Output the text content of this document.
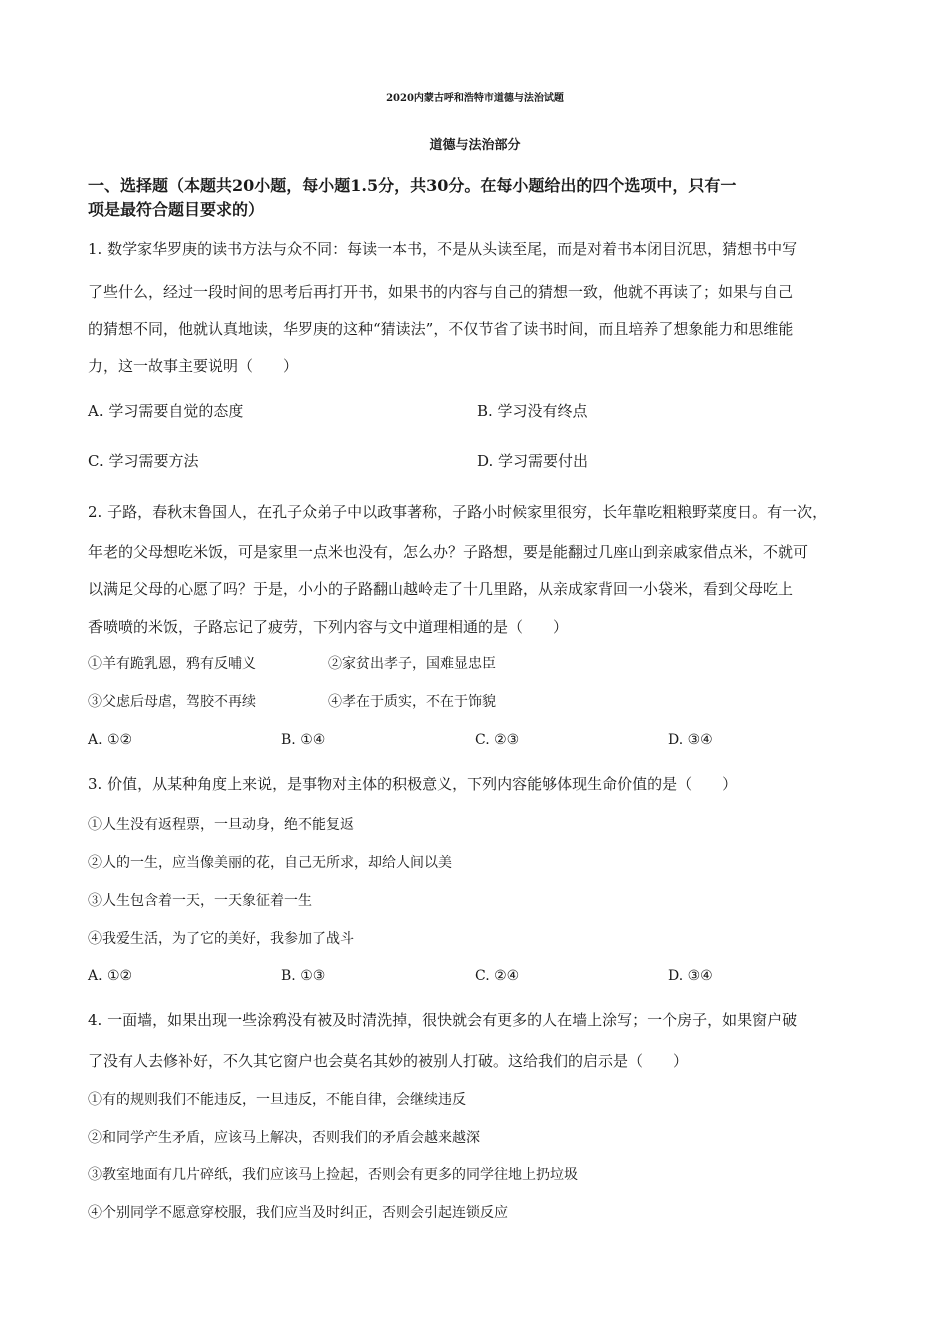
2020内蒙古呼和浩特市道德与法治试题
道德与法治部分
一、选择题（本题共20小题，每小题1.5分，共30分。在每小题给出的四个选项中，只有一
项是最符合题目要求的）
1. 数学家华罗庚的读书方法与众不同：每读一本书，不是从头读至尾，而是对着书本闭目沉思，猜想书中写
了些什么，经过一段时间的思考后再打开书，如果书的内容与自己的猜想一致，他就不再读了；如果与自己
的猜想不同，他就认真地读，华罗庚的这种“猜读法”，不仅节省了读书时间，而且培养了想象能力和思维能
力，这一故事主要说明（　　）
A. 学习需要自觉的态度	B. 学习没有终点
C. 学习需要方法	D. 学习需要付出
2. 子路，春秋末鲁国人，在孔子众弟子中以政事著称，子路小时候家里很穷，长年靠吃粗粮野菜度日。有一次，
年老的父母想吃米饭，可是家里一点米也没有，怎么办？子路想，要是能翻过几座山到亲戚家借点米，不就可
以满足父母的心愿了吗？于是，小小的子路翻山越岭走了十几里路，从亲成家背回一小袋米，看到父母吃上
香喷喷的米饭，子路忘记了疲劳，下列内容与文中道理相通的是（　　）
①羊有跪乳恩，鸦有反哺义	②家贫出孝子，国难显忠臣
③父虑后母虐，驾胶不再续	④孝在于质实，不在于饰貌
A. ①②	B. ①④	C. ②③	D. ③④
3. 价值，从某种角度上来说，是事物对主体的积极意义，下列内容能够体现生命价值的是（　　）
①人生没有返程票，一旦动身，绝不能复返
②人的一生，应当像美丽的花，自己无所求，却给人间以美
③人生包含着一天，一天象征着一生
④我爱生活，为了它的美好，我参加了战斗
A. ①②	B. ①③	C. ②④	D. ③④
4. 一面墙，如果出现一些涂鸦没有被及时清洗掉，很快就会有更多的人在墙上涂写；一个房子，如果窗户破
了没有人去修补好，不久其它窗户也会莫名其妙的被别人打破。这给我们的启示是（　　）
①有的规则我们不能违反，一旦违反，不能自律，会继续违反
②和同学产生矛盾，应该马上解决，否则我们的矛盾会越来越深
③教室地面有几片碎纸，我们应该马上捡起，否则会有更多的同学往地上扔垃圾
④个别同学不愿意穿校服，我们应当及时纠正，否则会引起连锁反应
